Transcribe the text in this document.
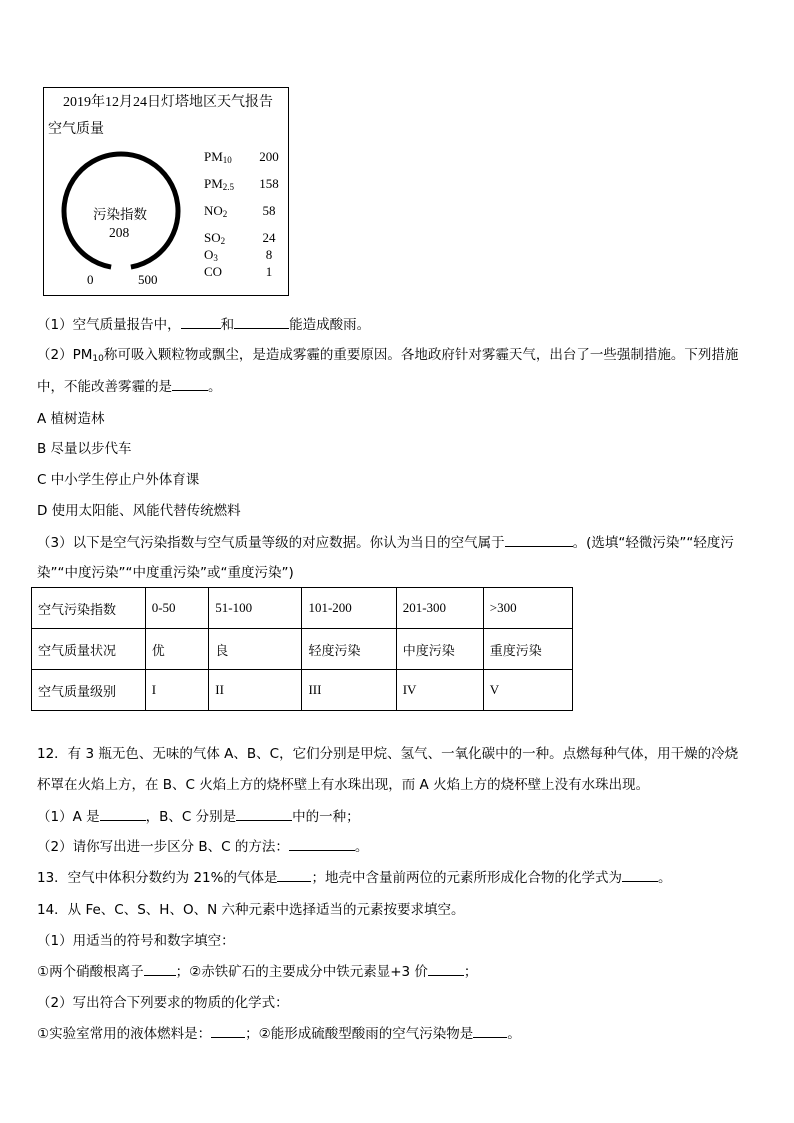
2019年12月24日灯塔地区天气报告
空气质量
污染指数
208
0	500
$PM_{10}$ 200
$PM_{2.5}$ 158
$NO_2$	58
$SO_2$	24
$O_3$	8
CO	1
（1）空气质量报告中，	和	能造成酸雨。
$(2)PM_{10}$称可吸入颗粒物或飘尘，是造成雾霾的重要原因。各地政府针对雾霾天气，出台了一些强制措施。下列措施
中，不能改善雾霾的是	。
A 植树造林
B 尽量以步代车
C 中小学生停止户外体育课
D 使用太阳能、风能代替传统燃料
（3）以下是空气污染指数与空气质量等级的对应数据。你认为当日的空气属于	。(选填“轻微污染”“轻度污
染”“中度污染”“中度重污染”或“重度污染”)
空气污染指数	0-50	51-100	101-200	201-300	>300
空气质量状况	优	良	轻度污染	中度污染	重度污染
空气质量级别	I	II	III	IV	V
12．有 3 瓶无色、无味的气体 A、B、C，它们分别是甲烷、氢气、一氧化碳中的一种。点燃每种气体，用干燥的冷烧
杯罩在火焰上方，在 B、C 火焰上方的烧杯壁上有水珠出现，而 A 火焰上方的烧杯壁上没有水珠出现。
（1）A 是	，B、C 分别是	中的一种；
（2）请你写出进一步区分 B、C 的方法：	。
13．空气中体积分数约为 21%的气体是	；地壳中含量前两位的元素所形成化合物的化学式为	。
14．从 Fe、C、S、H、O、N 六种元素中选择适当的元素按要求填空。
（1）用适当的符号和数字填空：
①两个硝酸根离子 ；②赤铁矿石的主要成分中铁元素显+3 价	；
（2）写出符合下列要求的物质的化学式：
①实验室常用的液体燃料是：	；②能形成硫酸型酸雨的空气污染物是	。
